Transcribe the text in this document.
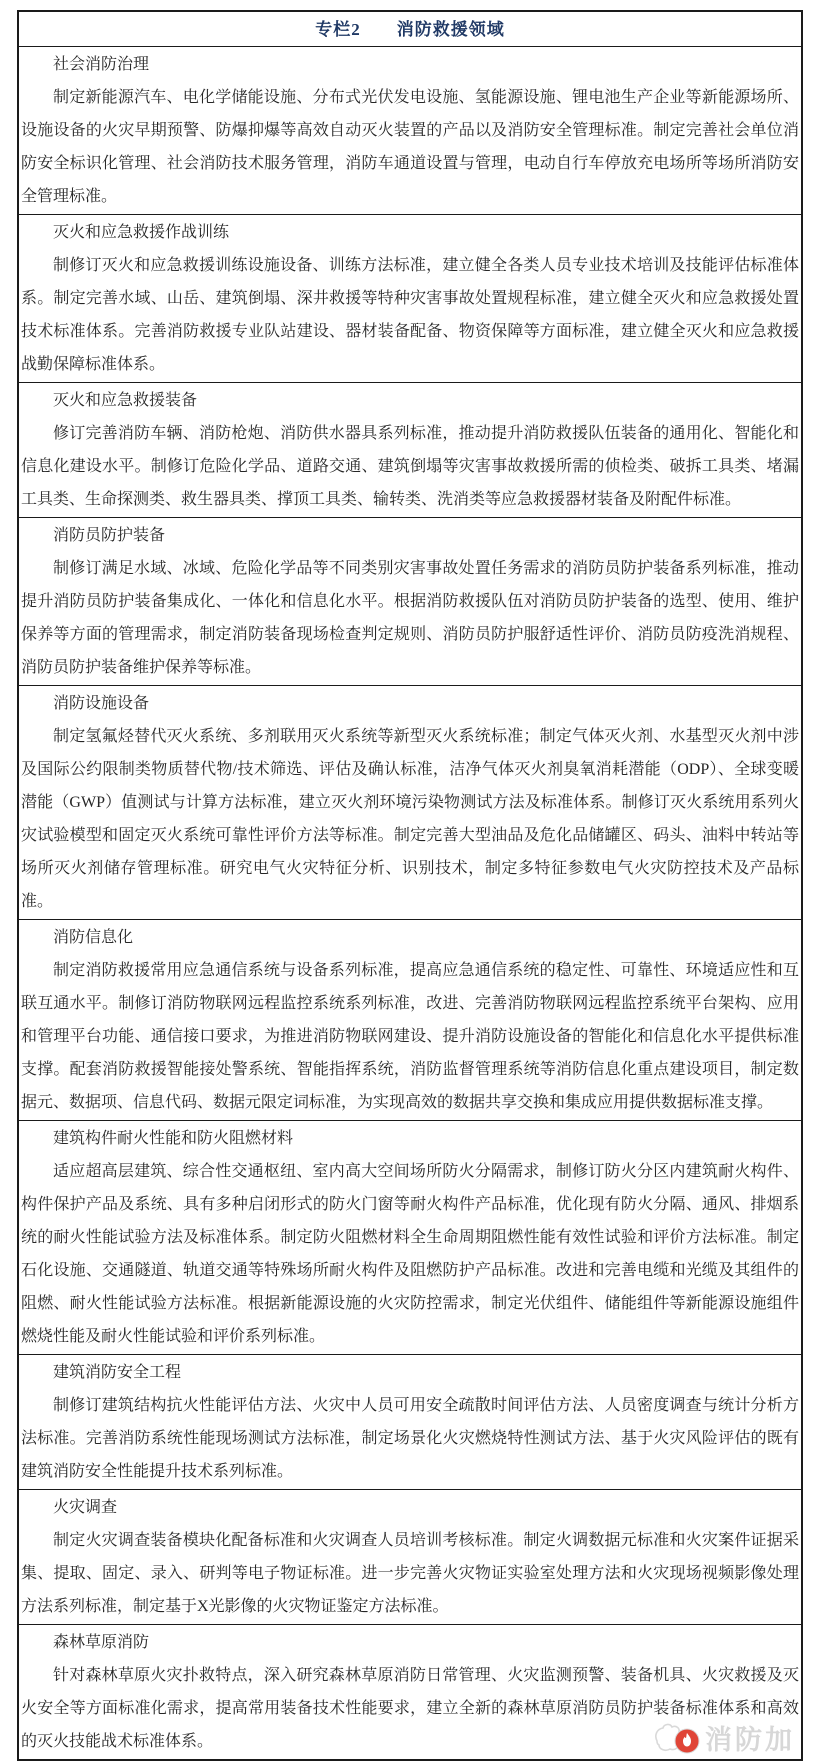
专栏2　　消防救援领域

社会消防治理

制定新能源汽车、电化学储能设施、分布式光伏发电设施、氢能源设施、锂电池生产企业等新能源场所、设施设备的火灾早期预警、防爆抑爆等高效自动灭火装置的产品以及消防安全管理标准。制定完善社会单位消防安全标识化管理、社会消防技术服务管理，消防车通道设置与管理，电动自行车停放充电场所等场所消防安全管理标准。

灭火和应急救援作战训练

制修订灭火和应急救援训练设施设备、训练方法标准，建立健全各类人员专业技术培训及技能评估标准体系。制定完善水域、山岳、建筑倒塌、深井救援等特种灾害事故处置规程标准，建立健全灭火和应急救援处置技术标准体系。完善消防救援专业队站建设、器材装备配备、物资保障等方面标准，建立健全灭火和应急救援战勤保障标准体系。

灭火和应急救援装备

修订完善消防车辆、消防枪炮、消防供水器具系列标准，推动提升消防救援队伍装备的通用化、智能化和信息化建设水平。制修订危险化学品、道路交通、建筑倒塌等灾害事故救援所需的侦检类、破拆工具类、堵漏工具类、生命探测类、救生器具类、撑顶工具类、输转类、洗消类等应急救援器材装备及附配件标准。

消防员防护装备

制修订满足水域、冰域、危险化学品等不同类别灾害事故处置任务需求的消防员防护装备系列标准，推动提升消防员防护装备集成化、一体化和信息化水平。根据消防救援队伍对消防员防护装备的选型、使用、维护保养等方面的管理需求，制定消防装备现场检查判定规则、消防员防护服舒适性评价、消防员防疫洗消规程、消防员防护装备维护保养等标准。

消防设施设备

制定氢氟烃替代灭火系统、多剂联用灭火系统等新型灭火系统标准；制定气体灭火剂、水基型灭火剂中涉及国际公约限制类物质替代物/技术筛选、评估及确认标准，洁净气体灭火剂臭氧消耗潜能（ODP）、全球变暖潜能（GWP）值测试与计算方法标准，建立灭火剂环境污染物测试方法及标准体系。制修订灭火系统用系列火灾试验模型和固定灭火系统可靠性评价方法等标准。制定完善大型油品及危化品储罐区、码头、油料中转站等场所灭火剂储存管理标准。研究电气火灾特征分析、识别技术，制定多特征参数电气火灾防控技术及产品标准。

消防信息化

制定消防救援常用应急通信系统与设备系列标准，提高应急通信系统的稳定性、可靠性、环境适应性和互联互通水平。制修订消防物联网远程监控系统系列标准，改进、完善消防物联网远程监控系统平台架构、应用和管理平台功能、通信接口要求，为推进消防物联网建设、提升消防设施设备的智能化和信息化水平提供标准支撑。配套消防救援智能接处警系统、智能指挥系统，消防监督管理系统等消防信息化重点建设项目，制定数据元、数据项、信息代码、数据元限定词标准，为实现高效的数据共享交换和集成应用提供数据标准支撑。

建筑构件耐火性能和防火阻燃材料

适应超高层建筑、综合性交通枢纽、室内高大空间场所防火分隔需求，制修订防火分区内建筑耐火构件、构件保护产品及系统、具有多种启闭形式的防火门窗等耐火构件产品标准，优化现有防火分隔、通风、排烟系统的耐火性能试验方法及标准体系。制定防火阻燃材料全生命周期阻燃性能有效性试验和评价方法标准。制定石化设施、交通隧道、轨道交通等特殊场所耐火构件及阻燃防护产品标准。改进和完善电缆和光缆及其组件的阻燃、耐火性能试验方法标准。根据新能源设施的火灾防控需求，制定光伏组件、储能组件等新能源设施组件燃烧性能及耐火性能试验和评价系列标准。

建筑消防安全工程

制修订建筑结构抗火性能评估方法、火灾中人员可用安全疏散时间评估方法、人员密度调查与统计分析方法标准。完善消防系统性能现场测试方法标准，制定场景化火灾燃烧特性测试方法、基于火灾风险评估的既有建筑消防安全性能提升技术系列标准。

火灾调查

制定火灾调查装备模块化配备标准和火灾调查人员培训考核标准。制定火调数据元标准和火灾案件证据采集、提取、固定、录入、研判等电子物证标准。进一步完善火灾物证实验室处理方法和火灾现场视频影像处理方法系列标准，制定基于X光影像的火灾物证鉴定方法标准。

森林草原消防

针对森林草原火灾扑救特点，深入研究森林草原消防日常管理、火灾监测预警、装备机具、火灾救援及灭火安全等方面标准化需求，提高常用装备技术性能要求，建立全新的森林草原消防员防护装备标准体系和高效的灭火技能战术标准体系。	消防加
